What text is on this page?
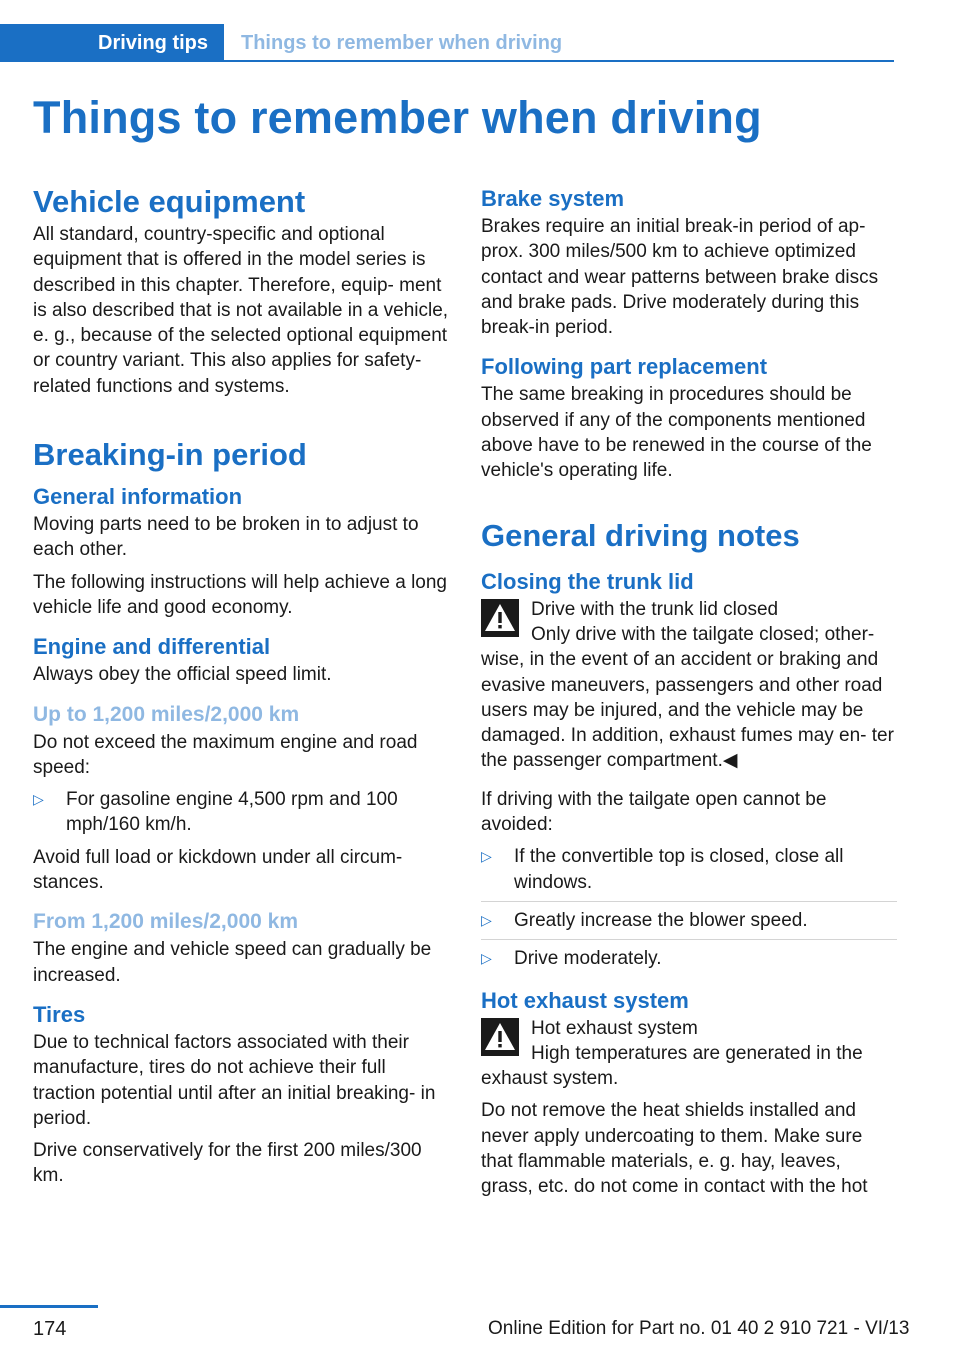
Driving tips	Things to remember when driving
Things to remember when driving
Vehicle equipment

All standard, country-specific and optional equipment that is offered in the model series is described in this chapter. Therefore, equip- ment is also described that is not available in a vehicle, e. g., because of the selected optional equipment or country variant. This also applies for safety-related functions and systems.

Breaking-in period
General information

Moving parts need to be broken in to adjust to each other.

The following instructions will help achieve a long vehicle life and good economy.

Engine and differential

Always obey the official speed limit.

Up to 1,200 miles/2,000 km

Do not exceed the maximum engine and road speed:

▷ For gasoline engine 4,500 rpm and 100 mph/160 km/h.

Avoid full load or kickdown under all circum- stances.

From 1,200 miles/2,000 km

The engine and vehicle speed can gradually be increased.

Tires

Due to technical factors associated with their manufacture, tires do not achieve their full traction potential until after an initial breaking- in period.

Drive conservatively for the first 200 miles/300 km.

Brake system

Brakes require an initial break-in period of ap- prox. 300 miles/500 km to achieve optimized contact and wear patterns between brake discs and brake pads. Drive moderately during this break-in period.

Following part replacement

The same breaking in procedures should be observed if any of the components mentioned above have to be renewed in the course of the vehicle's operating life.

General driving notes
Closing the trunk lid
Drive with the trunk lid closed

Only drive with the tailgate closed; other- wise, in the event of an accident or braking and evasive maneuvers, passengers and other road users may be injured, and the vehicle may be damaged. In addition, exhaust fumes may en- ter the passenger compartment.◀

If driving with the tailgate open cannot be avoided:

▷ If the convertible top is closed, close all windows.
▷ Greatly increase the blower speed.
▷ Drive moderately.
Hot exhaust system
Hot exhaust system

High temperatures are generated in the exhaust system.

Do not remove the heat shields installed and never apply undercoating to them. Make sure that flammable materials, e. g. hay, leaves, grass, etc. do not come in contact with the hot

174	Online Edition for Part no. 01 40 2 910 721 - VI/13
